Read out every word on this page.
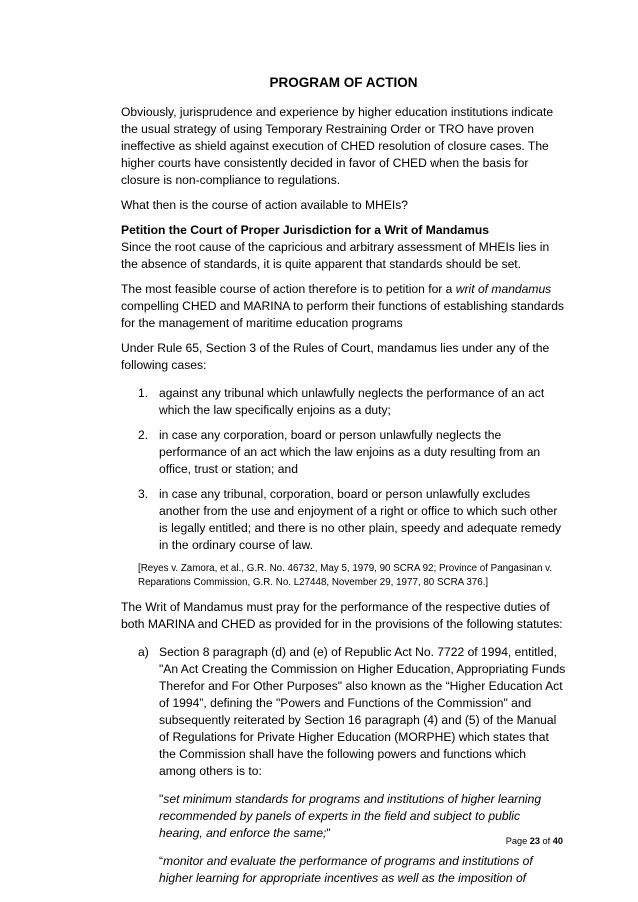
PROGRAM OF ACTION

Obviously, jurisprudence and experience by higher education institutions indicate the usual strategy of using Temporary Restraining Order or TRO have proven ineffective as shield against execution of CHED resolution of closure cases. The higher courts have consistently decided in favor of CHED when the basis for closure is non-compliance to regulations.

What then is the course of action available to MHEIs?

Petition the Court of Proper Jurisdiction for a Writ of Mandamus
Since the root cause of the capricious and arbitrary assessment of MHEIs lies in the absence of standards, it is quite apparent that standards should be set.

The most feasible course of action therefore is to petition for a writ of mandamus compelling CHED and MARINA to perform their functions of establishing standards for the management of maritime education programs

Under Rule 65, Section 3 of the Rules of Court, mandamus lies under any of the following cases:

1. against any tribunal which unlawfully neglects the performance of an act which the law specifically enjoins as a duty;
2. in case any corporation, board or person unlawfully neglects the performance of an act which the law enjoins as a duty resulting from an office, trust or station; and
3. in case any tribunal, corporation, board or person unlawfully excludes another from the use and enjoyment of a right or office to which such other is legally entitled; and there is no other plain, speedy and adequate remedy in the ordinary course of law.
[Reyes v. Zamora, et al., G.R. No. 46732, May 5, 1979, 90 SCRA 92; Province of Pangasinan v. Reparations Commission, G.R. No. L27448, November 29, 1977, 80 SCRA 376.]

The Writ of Mandamus must pray for the performance of the respective duties of both MARINA and CHED as provided for in the provisions of the following statutes:

a) Section 8 paragraph (d) and (e) of Republic Act No. 7722 of 1994, entitled, "An Act Creating the Commission on Higher Education, Appropriating Funds Therefor and For Other Purposes" also known as the “Higher Education Act of 1994”, defining the "Powers and Functions of the Commission" and subsequently reiterated by Section 16 paragraph (4) and (5) of the Manual of Regulations for Private Higher Education (MORPHE) which states that the Commission shall have the following powers and functions which among others is to:
"set minimum standards for programs and institutions of higher learning recommended by panels of experts in the field and subject to public hearing, and enforce the same;"
“monitor and evaluate the performance of programs and institutions of higher learning for appropriate incentives as well as the imposition of
Page 23 of 40
